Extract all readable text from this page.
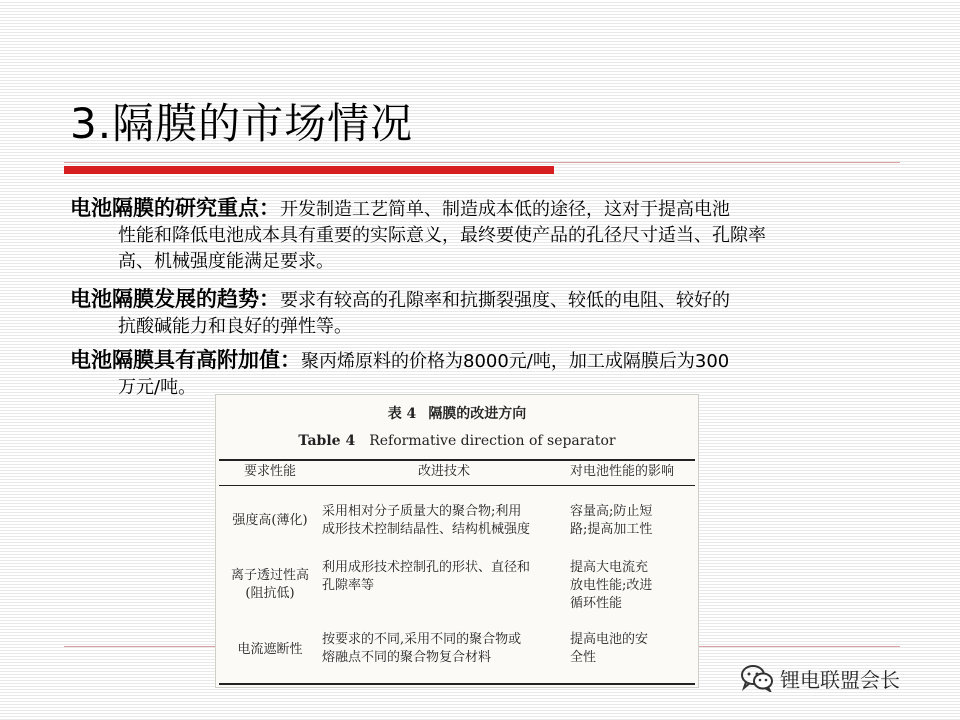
3.隔膜的市场情况
电池隔膜的研究重点：开发制造工艺简单、制造成本低的途径，这对于提高电池
性能和降低电池成本具有重要的实际意义，最终要使产品的孔径尺寸适当、孔隙率
高、机械强度能满足要求。
电池隔膜发展的趋势：要求有较高的孔隙率和抗撕裂强度、较低的电阻、较好的
抗酸碱能力和良好的弹性等。
电池隔膜具有高附加值：聚丙烯原料的价格为8000元/吨，加工成隔膜后为300
万元/吨。
表 4 隔膜的改进方向
Table 4 Reformative direction of separator
要求性能	改进技术	对电池性能的影响
强度高(薄化)
采用相对分子质量大的聚合物;利用
成形技术控制结晶性、结构机械强度
容量高;防止短
路;提高加工性
离子透过性高
(阻抗低)
利用成形技术控制孔的形状、直径和
孔隙率等
提高大电流充
放电性能;改进
循环性能
电流遮断性
按要求的不同,采用不同的聚合物或
熔融点不同的聚合物复合材料
提高电池的安
全性
锂电联盟会长
